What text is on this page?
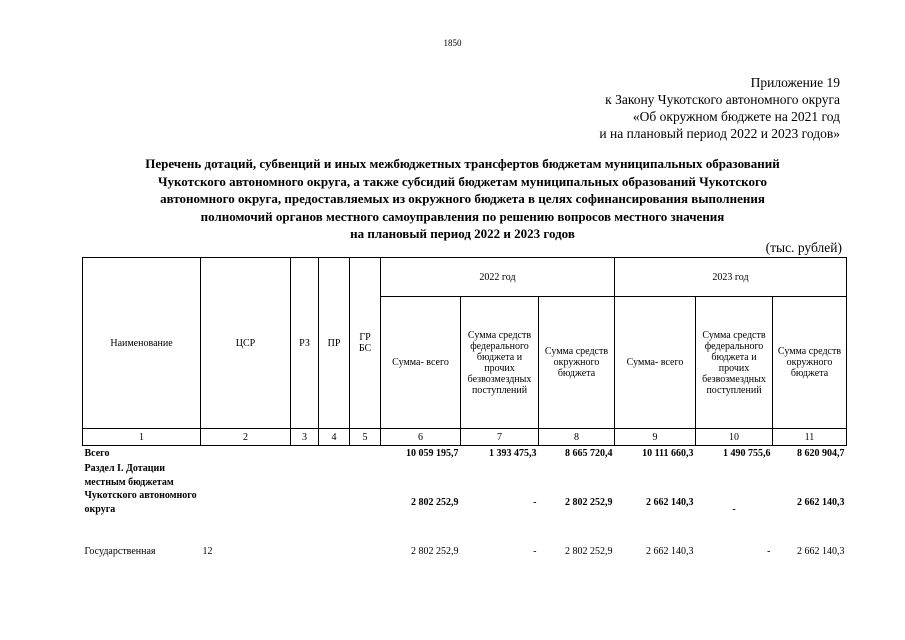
1850
Приложение 19
к Закону Чукотского автономного округа
«Об окружном бюджете на 2021 год
и на плановый период 2022 и 2023 годов»
Перечень дотаций, субвенций и иных межбюджетных трансфертов бюджетам муниципальных образований
Чукотского автономного округа, а также субсидий бюджетам муниципальных образований Чукотского
автономного округа, предоставляемых из окружного бюджета в целях софинансирования выполнения
полномочий органов местного самоуправления по решению вопросов местного значения
на плановый период 2022 и 2023 годов
(тыс. рублей)
Наименование	ЦСР	РЗ	ПР	ГР БС	2022 год			2023 год		
					Сумма- всего	Сумма средств федерального бюджета и прочих безвозмездных поступлений	Сумма средств окружного бюджета	Сумма- всего	Сумма средств федерального бюджета и прочих безвозмездных поступлений	Сумма средств окружного бюджета
1	2	3	4	5	6	7	8	9	10	11
Всего					10 059 195,7	1 393 475,3	8 665 720,4	10 111 660,3	1 490 755,6	8 620 904,7
Раздел I. Дотации местным бюджетам Чукотского автономного округа					2 802 252,9	-	2 802 252,9	2 662 140,3	-	2 662 140,3
Государственная	12				2 802 252,9	-	2 802 252,9	2 662 140,3	-	2 662 140,3
